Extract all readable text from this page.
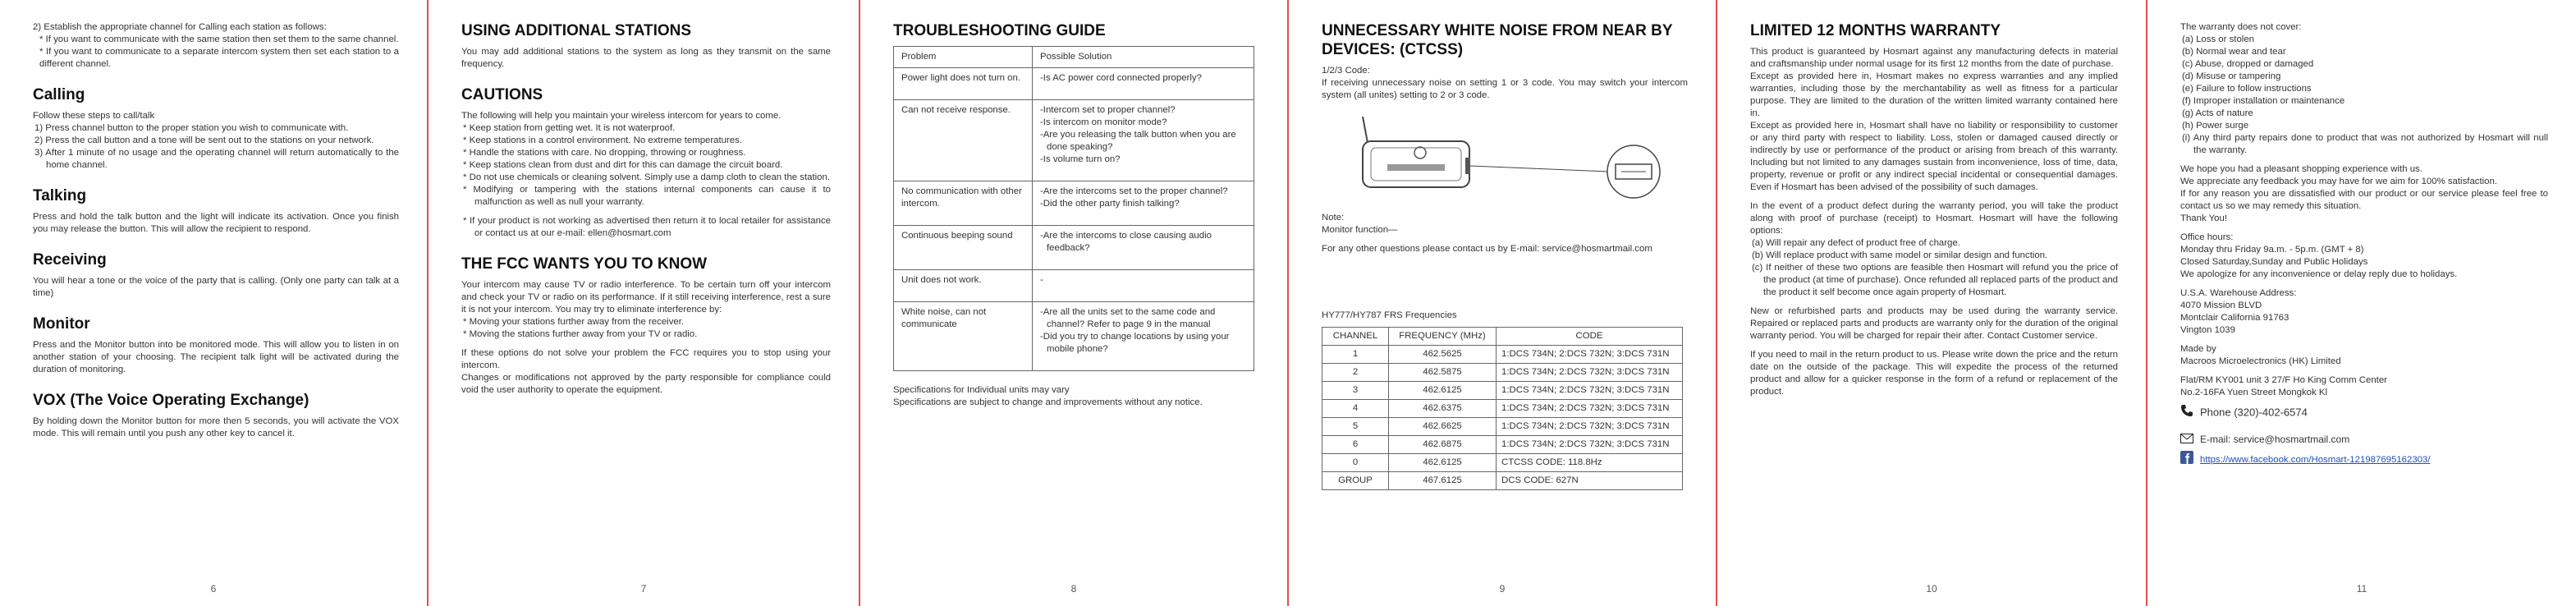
2) Establish the appropriate channel for Calling each station as follows:

* If you want to communicate with the same station then set them to the same channel.

* If you want to communicate to a separate intercom system then set each station to a different channel.

Calling

Follow these steps to call/talk

1) Press channel button to the proper station you wish to communicate with.
2) Press the call button and a tone will be sent out to the stations on your network.
3) After 1 minute of no usage and the operating channel will return automatically to the home channel.
Talking

Press and hold the talk button and the light will indicate its activation. Once you finish you may release the button. This will allow the recipient to respond.

Receiving

You will hear a tone or the voice of the party that is calling. (Only one party can talk at a time)

Monitor

Press and the Monitor button into be monitored mode. This will allow you to listen in on another station of your choosing. The recipient talk light will be activated during the duration of monitoring.

VOX (The Voice Operating Exchange)

By holding down the Monitor button for more then 5 seconds, you will activate the VOX mode. This will remain until you push any other key to cancel it.

6
USING ADDITIONAL STATIONS

You may add additional stations to the system as long as they transmit on the same frequency.

CAUTIONS

The following will help you maintain your wireless intercom for years to come.

* Keep station from getting wet. It is not waterproof.
* Keep stations in a control environment. No extreme temperatures.
* Handle the stations with care. No dropping, throwing or roughness.
* Keep stations clean from dust and dirt for this can damage the circuit board.
* Do not use chemicals or cleaning solvent. Simply use a damp cloth to clean the station.
* Modifying or tampering with the stations internal components can cause it to malfunction as well as null your warranty.
* If your product is not working as advertised then return it to local retailer for assistance or contact us at our e-mail: ellen@hosmart.com
THE FCC WANTS YOU TO KNOW

Your intercom may cause TV or radio interference. To be certain turn off your intercom and check your TV or radio on its performance. If it still receiving interference, rest a sure it is not your intercom. You may try to eliminate interference by:

* Moving your stations further away from the receiver.
* Moving the stations further away from your TV or radio.

If these options do not solve your problem the FCC requires you to stop using your intercom.

Changes or modifications not approved by the party responsible for compliance could void the user authority to operate the equipment.

7
TROUBLESHOOTING GUIDE
Problem	Possible Solution
Power light does not turn on.	-Is AC power cord connected properly?

Can not receive response.	-Intercom set to proper channel?
-Is intercom on monitor mode?
-Are you releasing the talk button when you are done speaking?
-Is volume turn on?

No communication with other intercom.	-Are the intercoms set to the proper channel?
-Did the other party finish talking?

Continuous beeping sound	-Are the intercoms to close causing audio feedback?

Unit does not work.	-

White noise, can not communicate	-Are all the units set to the same code and channel? Refer to page 9 in the manual
-Did you try to change locations by using your mobile phone?

Specifications for Individual units may vary

Specifications are subject to change and improvements without any notice.

8
UNNECESSARY WHITE NOISE FROM NEAR BY DEVICES: (CTCSS)

1/2/3 Code:

If receiving unnecessary noise on setting 1 or 3 code. You may switch your intercom system (all unites) setting to 2 or 3 code.

Note:

Monitor function—

For any other questions please contact us by E-mail: service@hosmartmail.com

HY777/HY787 FRS Frequencies

CHANNEL	FREQUENCY (MHz)	CODE
1	462.5625	1:DCS 734N; 2:DCS 732N; 3:DCS 731N
2	462.5875	1:DCS 734N; 2:DCS 732N; 3:DCS 731N
3	462.6125	1:DCS 734N; 2:DCS 732N; 3:DCS 731N
4	462.6375	1:DCS 734N; 2:DCS 732N; 3:DCS 731N
5	462.6625	1:DCS 734N; 2:DCS 732N; 3:DCS 731N
6	462.6875	1:DCS 734N; 2:DCS 732N; 3:DCS 731N
0	462.6125	CTCSS CODE: 118.8Hz
GROUP	467.6125	DCS CODE: 627N
9
LIMITED 12 MONTHS WARRANTY

This product is guaranteed by Hosmart against any manufacturing defects in material and craftsmanship under normal usage for its first 12 months from the date of purchase.

Except as provided here in, Hosmart makes no express warranties and any implied warranties, including those by the merchantability as well as fitness for a particular purpose. They are limited to the duration of the written limited warranty contained here in.

Except as provided here in, Hosmart shall have no liability or responsibility to customer or any third party with respect to liability. Loss, stolen or damaged caused directly or indirectly by use or performance of the product or arising from breach of this warranty. Including but not limited to any damages sustain from inconvenience, loss of time, data, property, revenue or profit or any indirect special incidental or consequential damages. Even if Hosmart has been advised of the possibility of such damages.

In the event of a product defect during the warranty period, you will take the product along with proof of purchase (receipt) to Hosmart. Hosmart will have the following options:

(a) Will repair any defect of product free of charge.
(b) Will replace product with same model or similar design and function.
(c) If neither of these two options are feasible then Hosmart will refund you the price of the product (at time of purchase). Once refunded all replaced parts of the product and the product it self become once again property of Hosmart.

New or refurbished parts and products may be used during the warranty service. Repaired or replaced parts and products are warranty only for the duration of the original warranty period. You will be charged for repair their after. Contact Customer service.

If you need to mail in the return product to us. Please write down the price and the return date on the outside of the package. This will expedite the process of the returned product and allow for a quicker response in the form of a refund or replacement of the product.

10

The warranty does not cover:

(a) Loss or stolen
(b) Normal wear and tear
(c) Abuse, dropped or damaged
(d) Misuse or tampering
(e) Failure to follow instructions
(f) Improper installation or maintenance
(g) Acts of nature
(h) Power surge
(i) Any third party repairs done to product that was not authorized by Hosmart will null the warranty.

We hope you had a pleasant shopping experience with us.

We appreciate any feedback you may have for we aim for 100% satisfaction.

If for any reason you are dissatisfied with our product or our service please feel free to contact us so we may remedy this situation.

Thank You!

Office hours:

Monday thru Friday 9a.m. - 5p.m. (GMT + 8)

Closed Saturday,Sunday and Public Holidays

We apologize for any inconvenience or delay reply due to holidays.

U.S.A. Warehouse Address:

4070 Mission BLVD

Montclair California 91763

Vington 1039

Made by

Macroos Microelectronics (HK) Limited

Flat/RM KY001 unit 3 27/F Ho King Comm Center

No.2-16FA Yuen Street Mongkok Kl

Phone (320)-402-6574
E-mail: service@hosmartmail.com
https://www.facebook.com/Hosmart-121987695162303/
11
